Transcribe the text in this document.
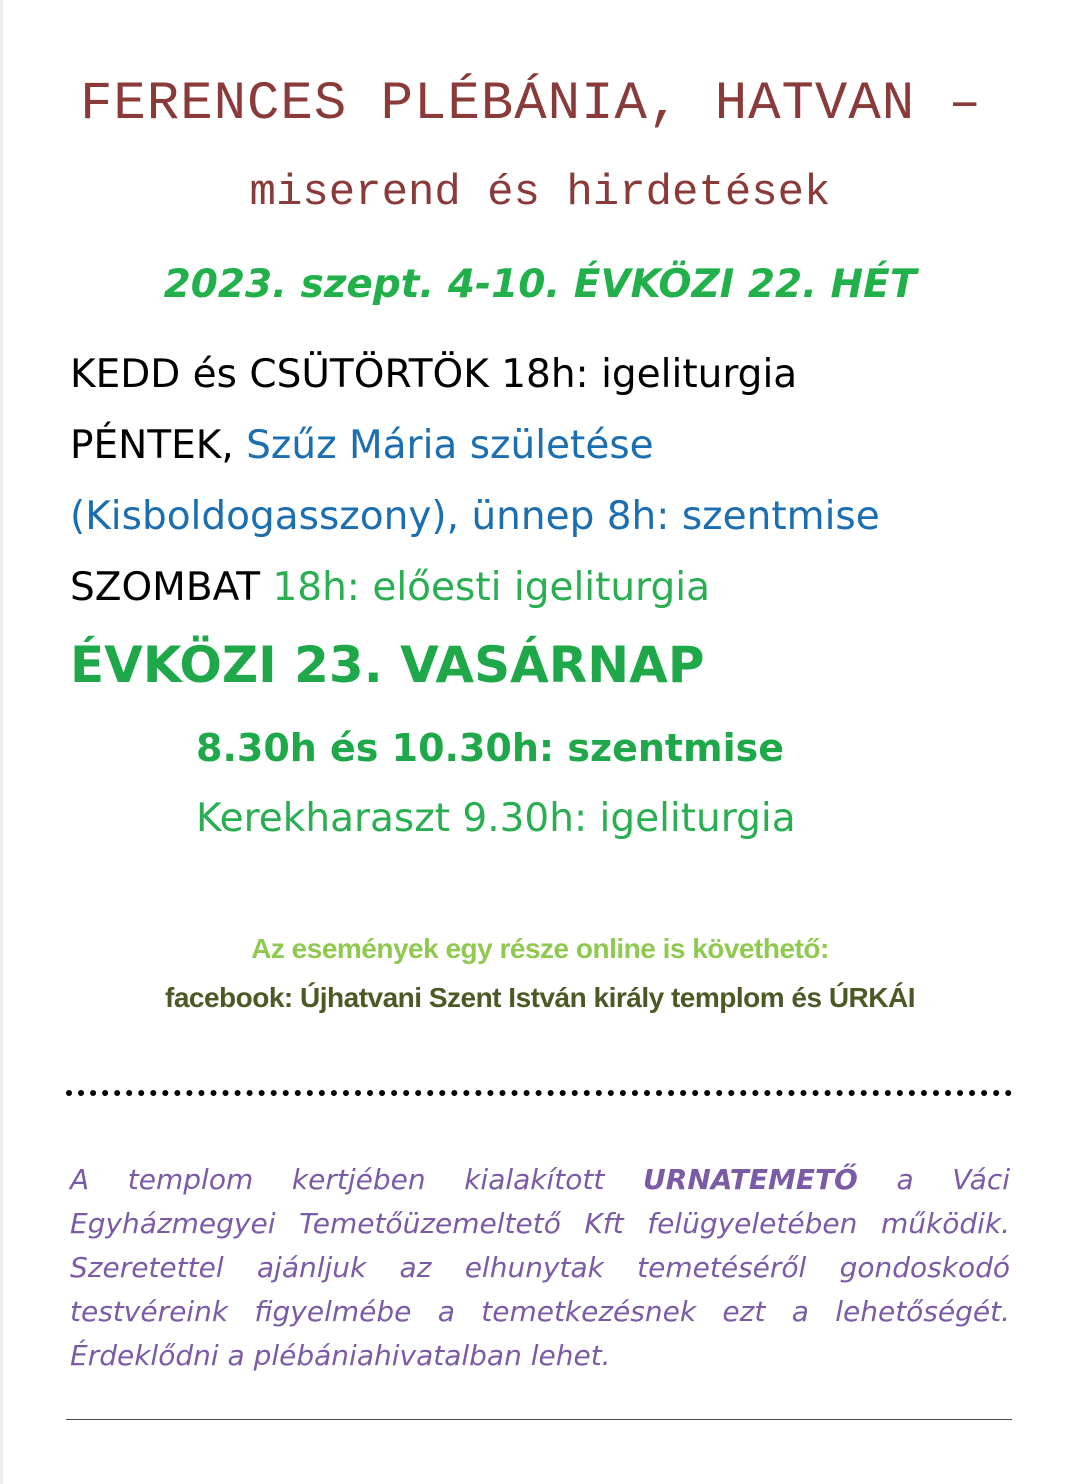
FERENCES PLÉBÁNIA, HATVAN –
miserend és hirdetések
2023. szept. 4-10. ÉVKÖZI 22. HÉT
KEDD és CSÜTÖRTÖK 18h: igeliturgia
PÉNTEK, Szűz Mária születése
(Kisboldogasszony), ünnep 8h: szentmise
SZOMBAT 18h: előesti igeliturgia
ÉVKÖZI 23. VASÁRNAP
8.30h és 10.30h: szentmise
Kerekharaszt 9.30h: igeliturgia
Az események egy része online is követhető:
facebook: Újhatvani Szent István király templom és ÚRKÁI
A templom kertjében kialakított URNATEMETŐ a Váci Egyházmegyei Temetőüzemeltető Kft felügyeletében működik. Szeretettel ajánljuk az elhunytak temetéséről gondoskodó testvéreink figyelmébe a temetkezésnek ezt a lehetőségét. Érdeklődni a plébániahivatalban lehet.
